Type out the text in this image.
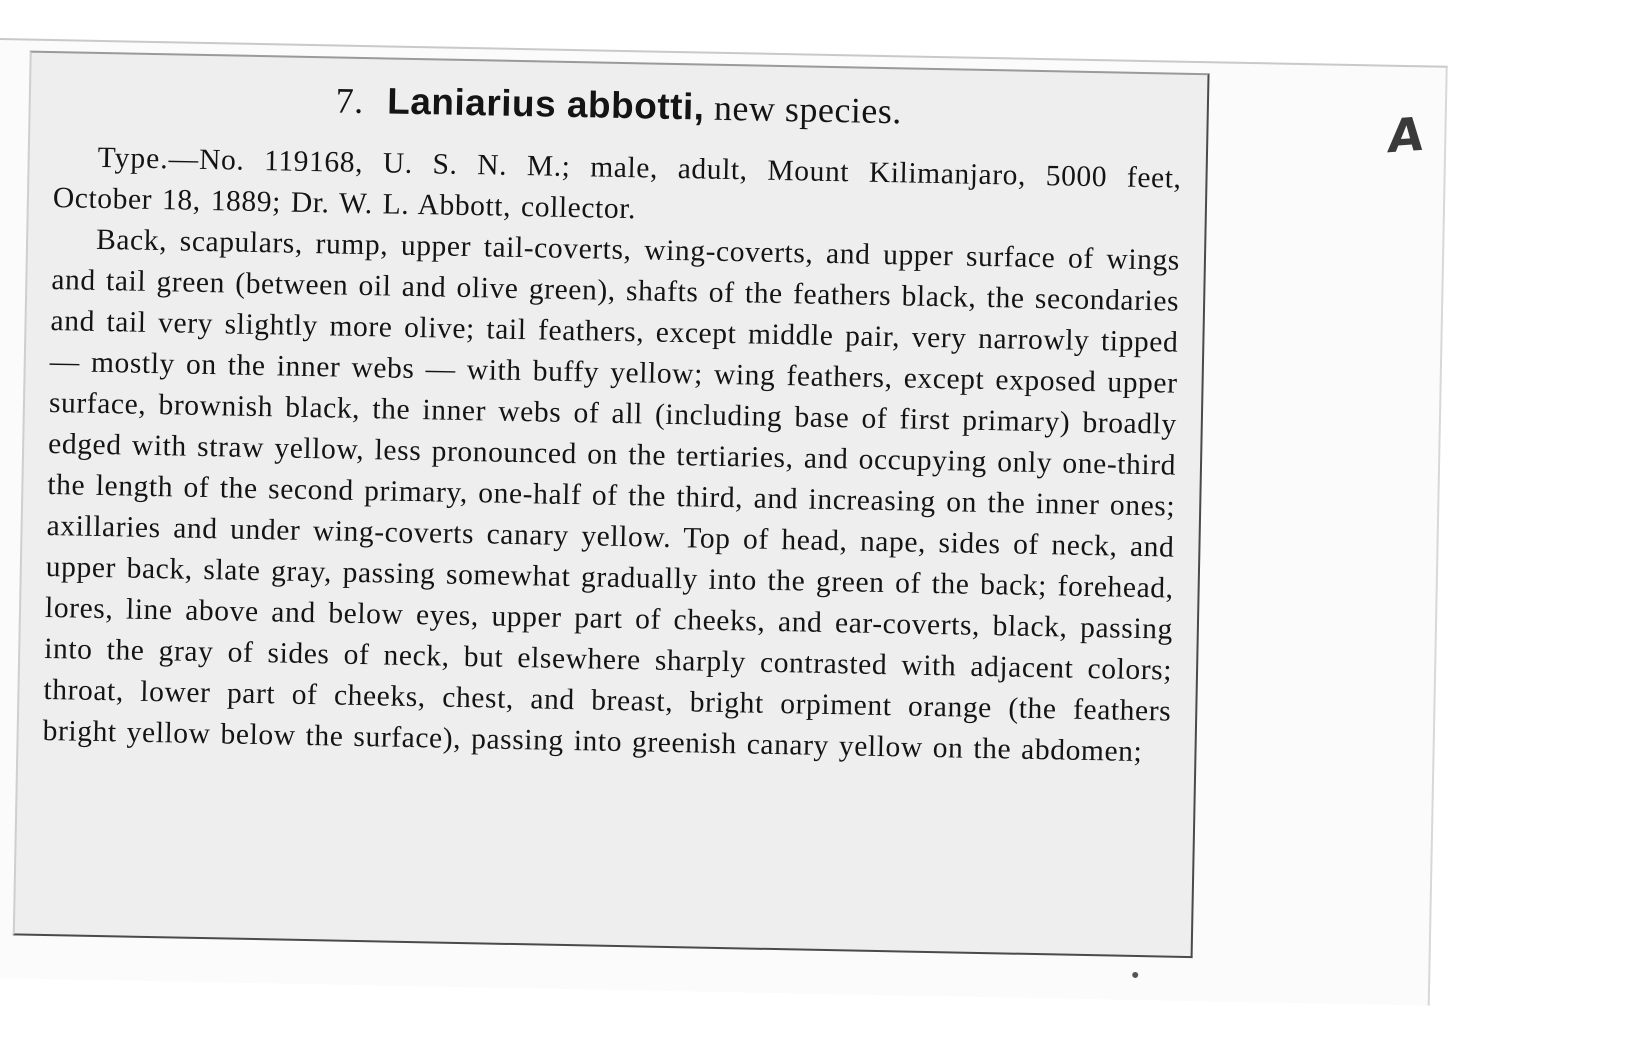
7. Laniarius abbotti, new species.

Type.—No. 119168, U. S. N. M.; male, adult, Mount Kilimanjaro, 5000 feet, October 18, 1889; Dr. W. L. Abbott, collector.

Back, scapulars, rump, upper tail-coverts, wing-coverts, and upper surface of wings and tail green (between oil and olive green), shafts of the feathers black, the secondaries and tail very slightly more olive; tail feathers, except middle pair, very narrowly tipped — mostly on the inner webs — with buffy yellow; wing feathers, except exposed upper surface, brownish black, the inner webs of all (including base of first primary) broadly edged with straw yellow, less pronounced on the tertiaries, and occupying only one-third the length of the second primary, one-half of the third, and increasing on the inner ones; axillaries and under wing-coverts canary yellow. Top of head, nape, sides of neck, and upper back, slate gray, passing somewhat gradually into the green of the back; forehead, lores, line above and below eyes, upper part of cheeks, and ear-coverts, black, passing into the gray of sides of neck, but elsewhere sharply contrasted with adjacent colors; throat, lower part of cheeks, chest, and breast, bright orpiment orange (the feathers bright yellow below the surface), passing into greenish canary yellow on the abdomen;

A
